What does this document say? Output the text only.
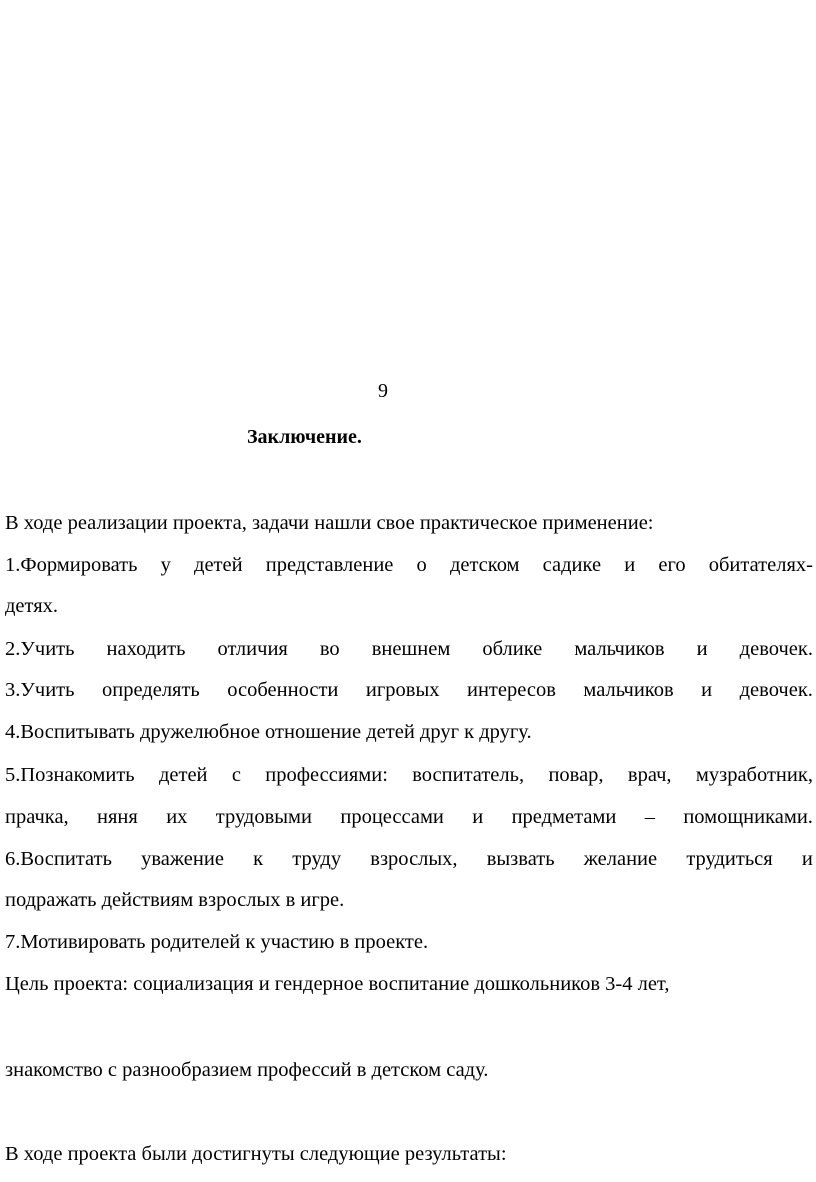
9
Заключение.
В ходе реализации проекта, задачи нашли свое практическое применение:
1.Формировать у детей представление о детском садике и его обитателях-
детях.
2.Учить находить отличия во внешнем облике мальчиков и девочек.
3.Учить определять особенности игровых интересов мальчиков и девочек.
4.Воспитывать дружелюбное отношение детей друг к другу.
5.Познакомить детей с профессиями: воспитатель, повар, врач, музработник,
прачка, няня их трудовыми процессами и предметами – помощниками.
6.Воспитать уважение к труду взрослых, вызвать желание трудиться и
подражать действиям взрослых в игре.
7.Мотивировать родителей к участию в проекте.
Цель проекта: социализация и гендерное воспитание дошкольников 3-4 лет,
знакомство с разнообразием профессий в детском саду.
В ходе проекта были достигнуты следующие результаты:
